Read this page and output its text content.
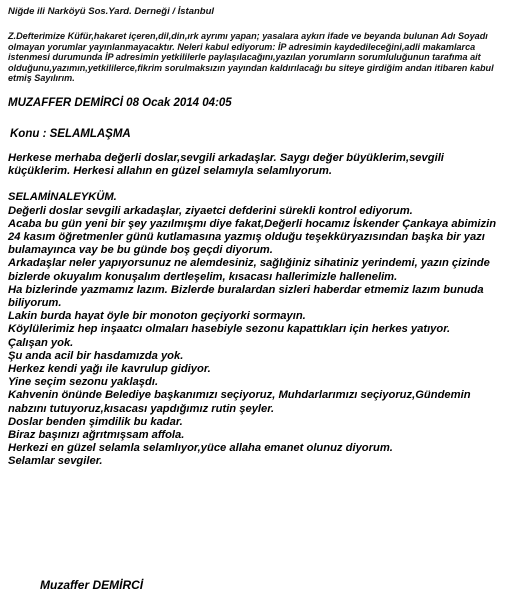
Niğde ili Narköyü Sos.Yard. Derneği / İstanbul
Z.Defterimize Küfür,hakaret içeren,dil,din,ırk ayrımı yapan; yasalara aykırı ifade ve beyanda bulunan Adı Soyadı olmayan yorumlar yayınlanmayacaktır. Neleri kabul ediyorum: İP adresimin kaydedileceğini,adli makamlarca istenmesi durumunda İP adresimin yetkililerle paylaşılacağını,yazılan yorumların sorumluluğunun tarafıma ait olduğunu,yazımın,yetkililerce,fikrim sorulmaksızın yayından kaldırılacağı bu siteye girdiğim andan itibaren kabul etmiş Sayılırım.
MUZAFFER DEMİRCİ 08 Ocak 2014 04:05
Konu : SELAMLAŞMA

Herkese merhaba değerli doslar,sevgili arkadaşlar. Saygı değer büyüklerim,sevgili küçüklerim. Herkesi allahın en güzel selamıyla selamlıyorum.

SELAMİNALEYKÜM.

Değerli doslar sevgili arkadaşlar, ziyaetci defderini sürekli kontrol ediyorum.

Acaba bu gün yeni bir şey yazılmışmı diye fakat,Değerli hocamız İskender Çankaya abimizin 24 kasım öğretmenler günü kutlamasına yazmış olduğu teşekküryazısından başka bir yazı bulamayınca vay be bu günde boş geçdi diyorum.

Arkadaşlar neler yapıyorsunuz ne alemdesiniz, sağlığiniz sihatiniz yerindemi, yazın çizinde bizlerde okuyalım konuşalım dertleşelim, kısacası hallerimizle hallenelim.

Ha bizlerinde yazmamız lazım. Bizlerde buralardan sizleri haberdar etmemiz lazım bunuda biliyorum.

Lakin burda hayat öyle bir monoton geçiyorki sormayın.

Köylülerimiz hep inşaatcı olmaları hasebiyle sezonu kapattıkları için herkes yatıyor.

Çalışan yok.

Şu anda acil bir hasdamızda yok.

Herkez kendi yağı ile kavrulup gidiyor.

Yine seçim sezonu yaklaşdı.

Kahvenin önünde Belediye başkanımızı seçiyoruz, Muhdarlarımızı seçiyoruz,Gündemin nabzını tutuyoruz,kısacası yapdığımız rutin şeyler.

Doslar benden şimdilik bu kadar.

Biraz başınızı ağrıtmışsam affola.

Herkezi en güzel selamla selamlıyor,yüce allaha emanet olunuz diyorum.

Selamlar sevgiler.

Muzaffer DEMİRCİ
